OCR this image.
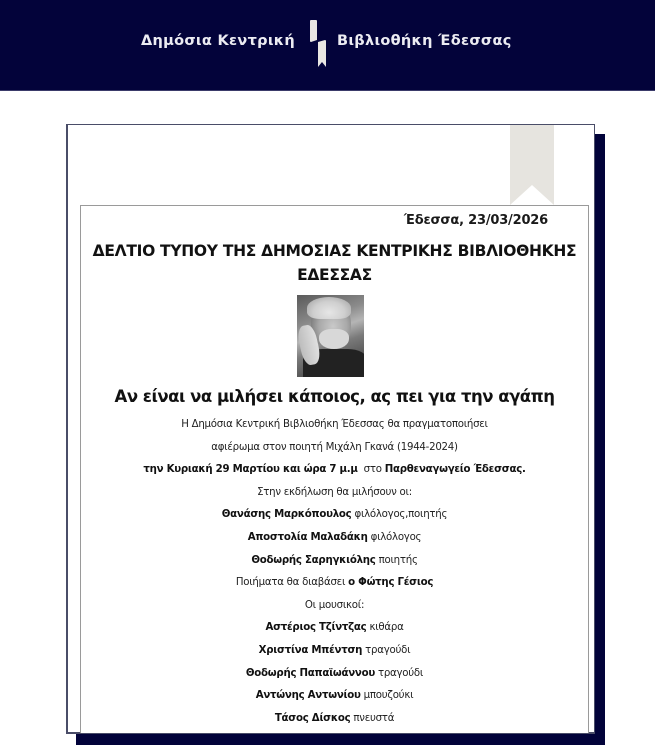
Δημόσια Κεντρική	Βιβλιοθήκη Έδεσσας
Έδεσσα, 23/03/2026
ΔΕΛΤΙΟ ΤΥΠΟΥ ΤΗΣ ΔΗΜΟΣΙΑΣ ΚΕΝΤΡΙΚΗΣ ΒΙΒΛΙΟΘΗΚΗΣ
ΕΔΕΣΣΑΣ
Αν είναι να μιλήσει κάποιος, ας πει για την αγάπη
Η Δημόσια Κεντρική Βιβλιοθήκη Έδεσσας θα πραγματοποιήσει
αφιέρωμα στον ποιητή Μιχάλη Γκανά (1944-2024)
την Κυριακή 29 Μαρτίου και ώρα 7 μ.μ  στο Παρθεναγωγείο Έδεσσας.
Στην εκδήλωση θα μιλήσουν οι:
Θανάσης Μαρκόπουλος φιλόλογος,ποιητής
Αποστολία Μαλαδάκη φιλόλογος
Θοδωρής Σαρηγκιόλης ποιητής
Ποιήματα θα διαβάσει ο Φώτης Γέσιος
Οι μουσικοί:
Αστέριος Τζίντζας κιθάρα
Χριστίνα Μπέντση τραγούδι
Θοδωρής Παπαϊωάννου τραγούδι
Αντώνης Αντωνίου μπουζούκι
Τάσος Δίσκος πνευστά
